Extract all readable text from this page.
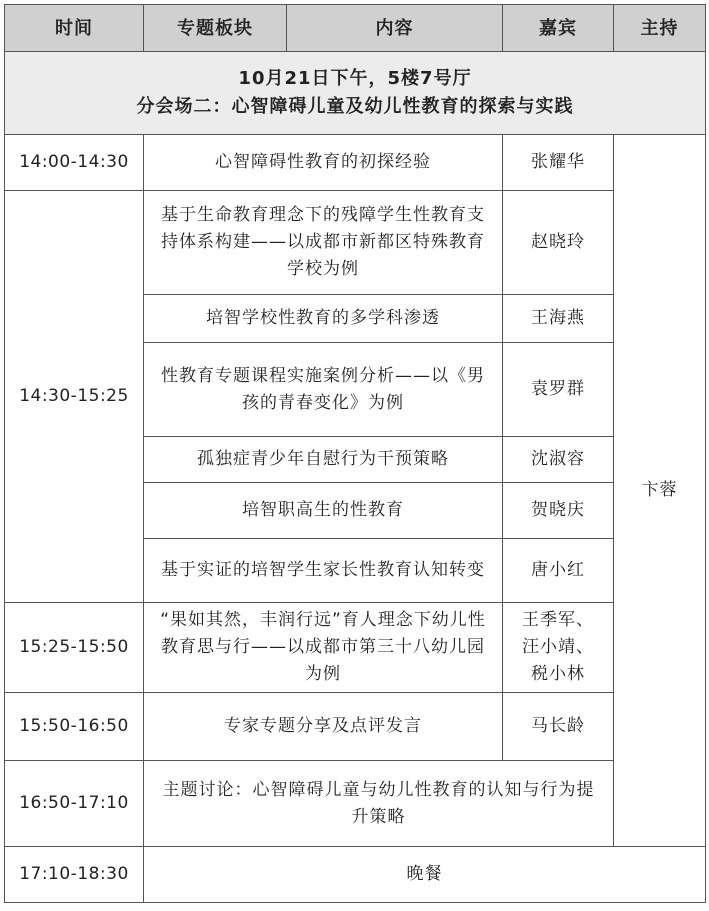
时间	专题板块	内容	嘉宾	主持

10月21日下午，5楼7号厅
分会场二：心智障碍儿童及幼儿性教育的探索与实践				

14:00-14:30	心智障碍性教育的初探经验		张耀华	卞蓉
14:30-15:25	基于生命教育理念下的残障学生性教育支持体系构建——以成都市新都区特殊教育学校为例		赵晓玲	
	培智学校性教育的多学科渗透		王海燕	
	性教育专题课程实施案例分析——以《男孩的青春变化》为例		袁罗群	
	孤独症青少年自慰行为干预策略		沈淑容	
	培智职高生的性教育		贺晓庆	
	基于实证的培智学生家长性教育认知转变		唐小红	
15:25-15:50	“果如其然，丰润行远”育人理念下幼儿性教育思与行——以成都市第三十八幼儿园为例		王季军、
汪小靖、
税小林	

15:50-16:50	专家专题分享及点评发言		马长龄	
16:50-17:10	主题讨论：心智障碍儿童与幼儿性教育的认知与行为提升策略			
17:10-18:30	晚餐			
